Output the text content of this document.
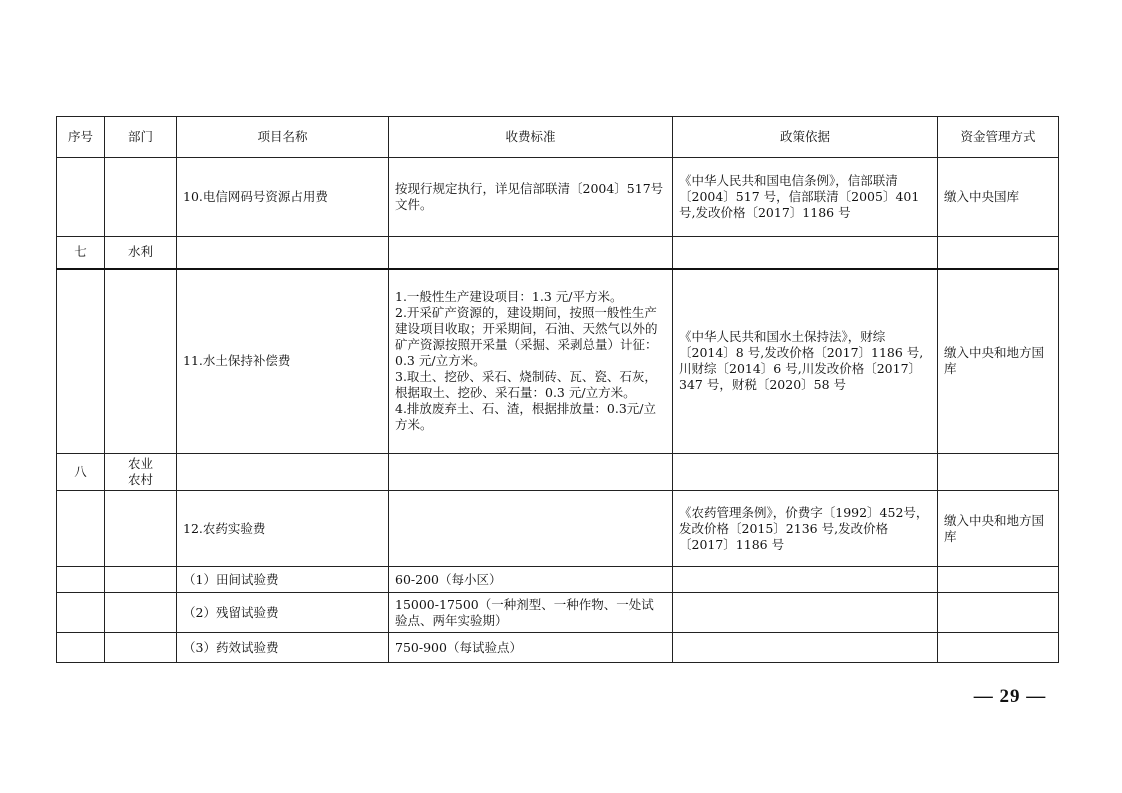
序号	部门	项目名称	收费标准	政策依据	资金管理方式
		10.电信网码号资源占用费	按现行规定执行，详见信部联清〔2004〕517号文件。	《中华人民共和国电信条例》，信部联清〔2004〕517 号，信部联清〔2005〕401号,发改价格〔2017〕1186 号	缴入中央国库
七	水利				
		11.水土保持补偿费	1.一般性生产建设项目：1.3 元/平方米。
2.开采矿产资源的，建设期间，按照一般性生产建设项目收取；开采期间，石油、天然气以外的矿产资源按照开采量（采掘、采剥总量）计征：0.3 元/立方米。
3.取土、挖砂、采石、烧制砖、瓦、瓷、石灰，根据取土、挖砂、采石量：0.3 元/立方米。
4.排放废弃土、石、渣，根据排放量：0.3元/立方米。	《中华人民共和国水土保持法》，财综〔2014〕8 号,发改价格〔2017〕1186 号,川财综〔2014〕6 号,川发改价格〔2017〕347 号，财税〔2020〕58 号	缴入中央和地方国库
八	农业
农村				
		12.农药实验费		《农药管理条例》，价费字〔1992〕452号，发改价格〔2015〕2136 号,发改价格〔2017〕1186 号	缴入中央和地方国库
		（1）田间试验费	60-200（每小区）		
		（2）残留试验费	15000-17500（一种剂型、一种作物、一处试验点、两年实验期）		
		（3）药效试验费	750-900（每试验点）		
— 29 —
